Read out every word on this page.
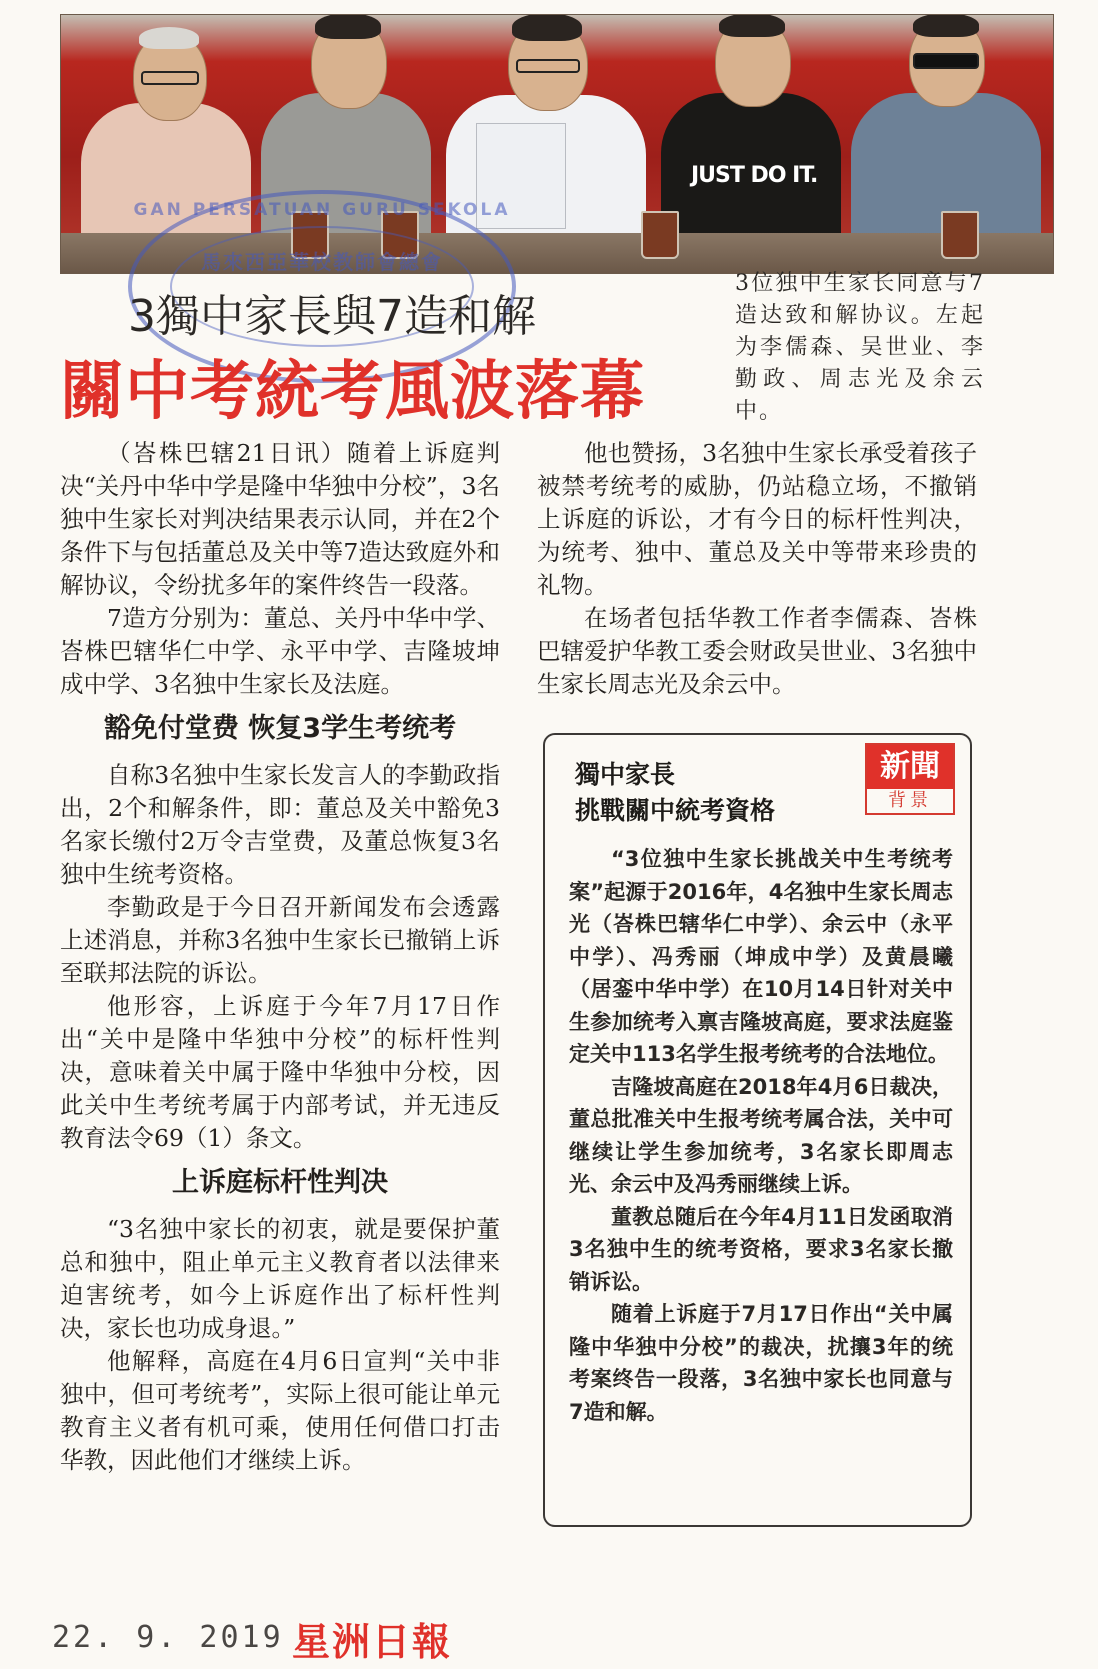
JUST DO IT.
GAN PERSATUAN GURU SEKOLA
馬來西亞華校教師會總會
3獨中家長與7造和解
關中考統考風波落幕
3位独中生家长同意与7造达致和解协议。左起为李儒森、吴世业、李勤政、周志光及余云中。

（峇株巴辖21日讯）随着上诉庭判决“关丹中华中学是隆中华独中分校”，3名独中生家长对判决结果表示认同，并在2个条件下与包括董总及关中等7造达致庭外和解协议，令纷扰多年的案件终告一段落。

7造方分别为：董总、关丹中华中学、峇株巴辖华仁中学、永平中学、吉隆坡坤成中学、3名独中生家长及法庭。

豁免付堂费 恢复3学生考统考

自称3名独中生家长发言人的李勤政指出，2个和解条件，即：董总及关中豁免3名家长缴付2万令吉堂费，及董总恢复3名独中生统考资格。

李勤政是于今日召开新闻发布会透露上述消息，并称3名独中生家长已撤销上诉至联邦法院的诉讼。

他形容，上诉庭于今年7月17日作出“关中是隆中华独中分校”的标杆性判决，意味着关中属于隆中华独中分校，因此关中生考统考属于内部考试，并无违反教育法令69（1）条文。

上诉庭标杆性判决

“3名独中家长的初衷，就是要保护董总和独中，阻止单元主义教育者以法律来迫害统考，如今上诉庭作出了标杆性判决，家长也功成身退。”

他解释，高庭在4月6日宣判“关中非独中，但可考统考”，实际上很可能让单元教育主义者有机可乘，使用任何借口打击华教，因此他们才继续上诉。

他也赞扬，3名独中生家长承受着孩子被禁考统考的威胁，仍站稳立场，不撤销上诉庭的诉讼，才有今日的标杆性判决，为统考、独中、董总及关中等带来珍贵的礼物。

在场者包括华教工作者李儒森、峇株巴辖爱护华教工委会财政吴世业、3名独中生家长周志光及余云中。

獨中家長
挑戰關中統考資格
新聞
背景

“3位独中生家长挑战关中生考统考案”起源于2016年，4名独中生家长周志光（峇株巴辖华仁中学）、余云中（永平中学）、冯秀丽（坤成中学）及黄晨曦（居銮中华中学）在10月14日针对关中生参加统考入禀吉隆坡高庭，要求法庭鉴定关中113名学生报考统考的合法地位。

吉隆坡高庭在2018年4月6日裁决，董总批准关中生报考统考属合法，关中可继续让学生参加统考，3名家长即周志光、余云中及冯秀丽继续上诉。

董教总随后在今年4月11日发函取消3名独中生的统考资格，要求3名家长撤销诉讼。

随着上诉庭于7月17日作出“关中属隆中华独中分校”的裁决，扰攘3年的统考案终告一段落，3名独中家长也同意与7造和解。

22. 9. 2019 星洲日報
